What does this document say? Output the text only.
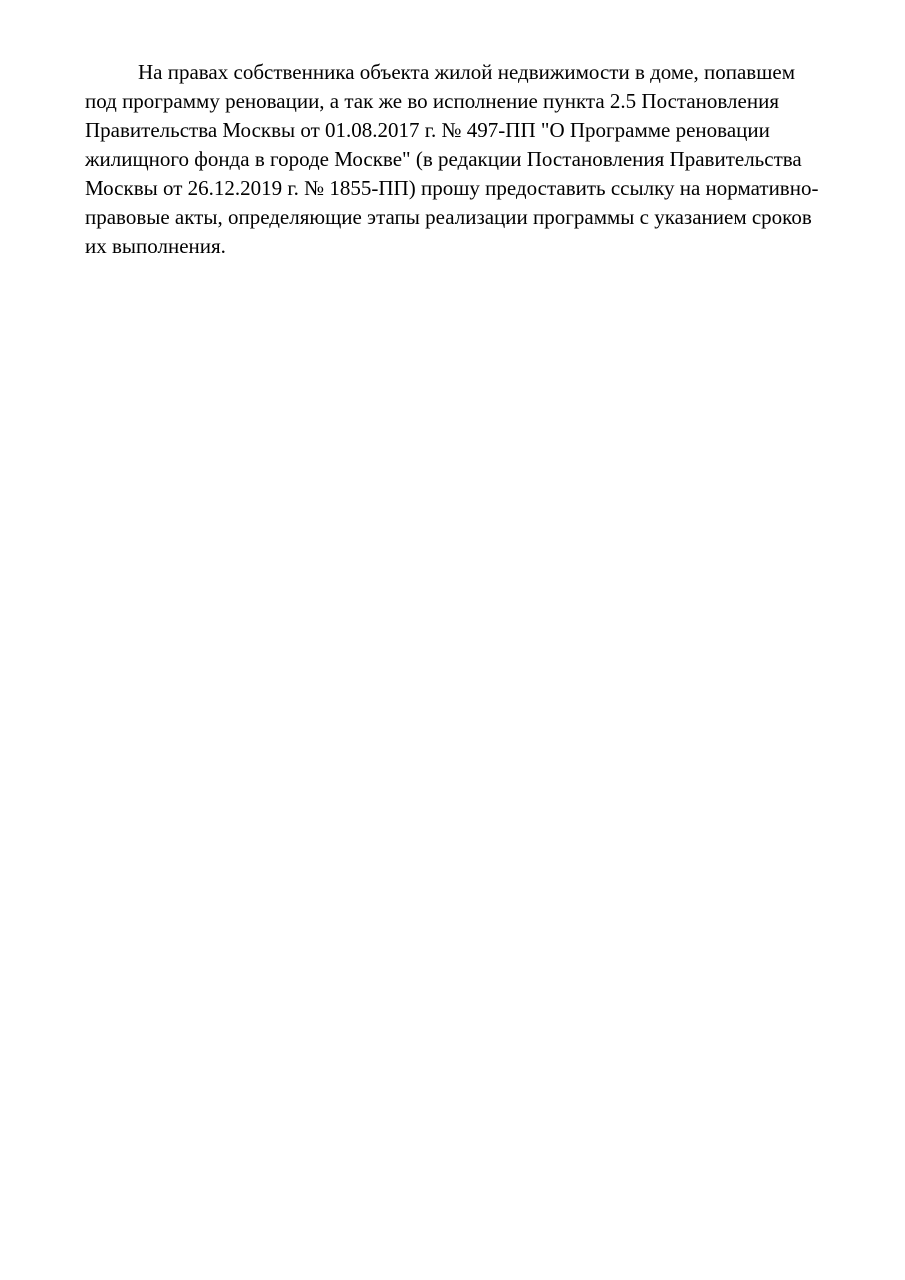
На правах собственника объекта жилой недвижимости в доме, попавшем
под программу реновации, а так же во исполнение пункта 2.5 Постановления
Правительства Москвы от 01.08.2017 г. № 497-ПП "О Программе реновации
жилищного фонда в городе Москве" (в редакции Постановления Правительства
Москвы от 26.12.2019 г. № 1855-ПП) прошу предоставить ссылку на нормативно-
правовые акты, определяющие этапы реализации программы с указанием сроков
их выполнения.
